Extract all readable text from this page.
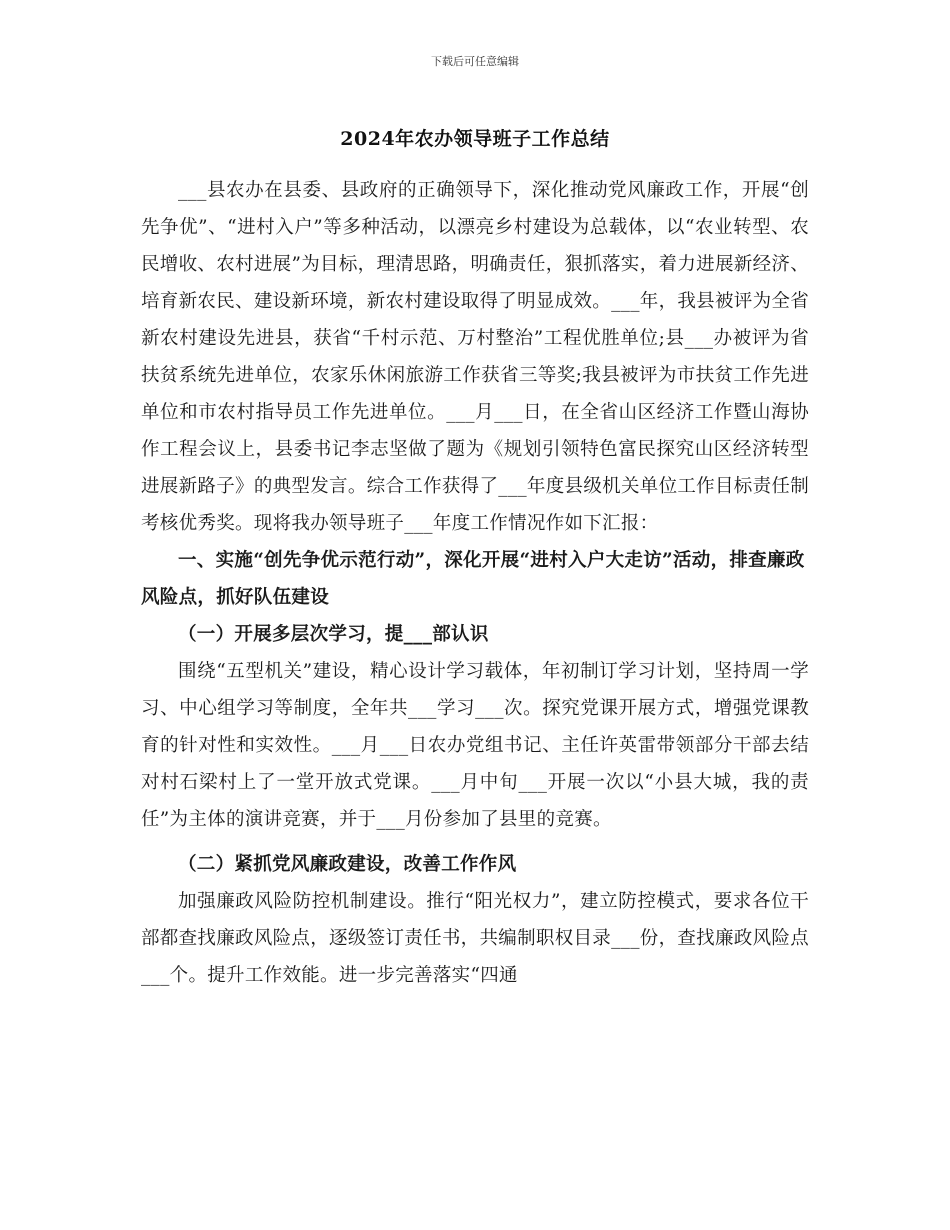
下载后可任意编辑
2024年农办领导班子工作总结

___县农办在县委、县政府的正确领导下，深化推动党风廉政工作，开展“创先争优”、“进村入户”等多种活动，以漂亮乡村建设为总载体，以“农业转型、农民增收、农村进展”为目标，理清思路，明确责任，狠抓落实，着力进展新经济、培育新农民、建设新环境，新农村建设取得了明显成效。___年，我县被评为全省新农村建设先进县，获省“千村示范、万村整治”工程优胜单位;县___办被评为省扶贫系统先进单位，农家乐休闲旅游工作获省三等奖;我县被评为市扶贫工作先进单位和市农村指导员工作先进单位。___月___日，在全省山区经济工作暨山海协作工程会议上，县委书记李志坚做了题为《规划引领特色富民探究山区经济转型进展新路子》的典型发言。综合工作获得了___年度县级机关单位工作目标责任制考核优秀奖。现将我办领导班子___年度工作情况作如下汇报：

一、实施“创先争优示范行动”，深化开展“进村入户大走访”活动，排查廉政风险点，抓好队伍建设

（一）开展多层次学习，提___部认识

围绕“五型机关”建设，精心设计学习载体，年初制订学习计划，坚持周一学习、中心组学习等制度，全年共___学习___次。探究党课开展方式，增强党课教育的针对性和实效性。___月___日农办党组书记、主任许英雷带领部分干部去结对村石梁村上了一堂开放式党课。___月中旬___开展一次以“小县大城，我的责任”为主体的演讲竞赛，并于___月份参加了县里的竞赛。

（二）紧抓党风廉政建设，改善工作作风

加强廉政风险防控机制建设。推行“阳光权力”，建立防控模式，要求各位干部都查找廉政风险点，逐级签订责任书，共编制职权目录___份，查找廉政风险点___个。提升工作效能。进一步完善落实“四通
